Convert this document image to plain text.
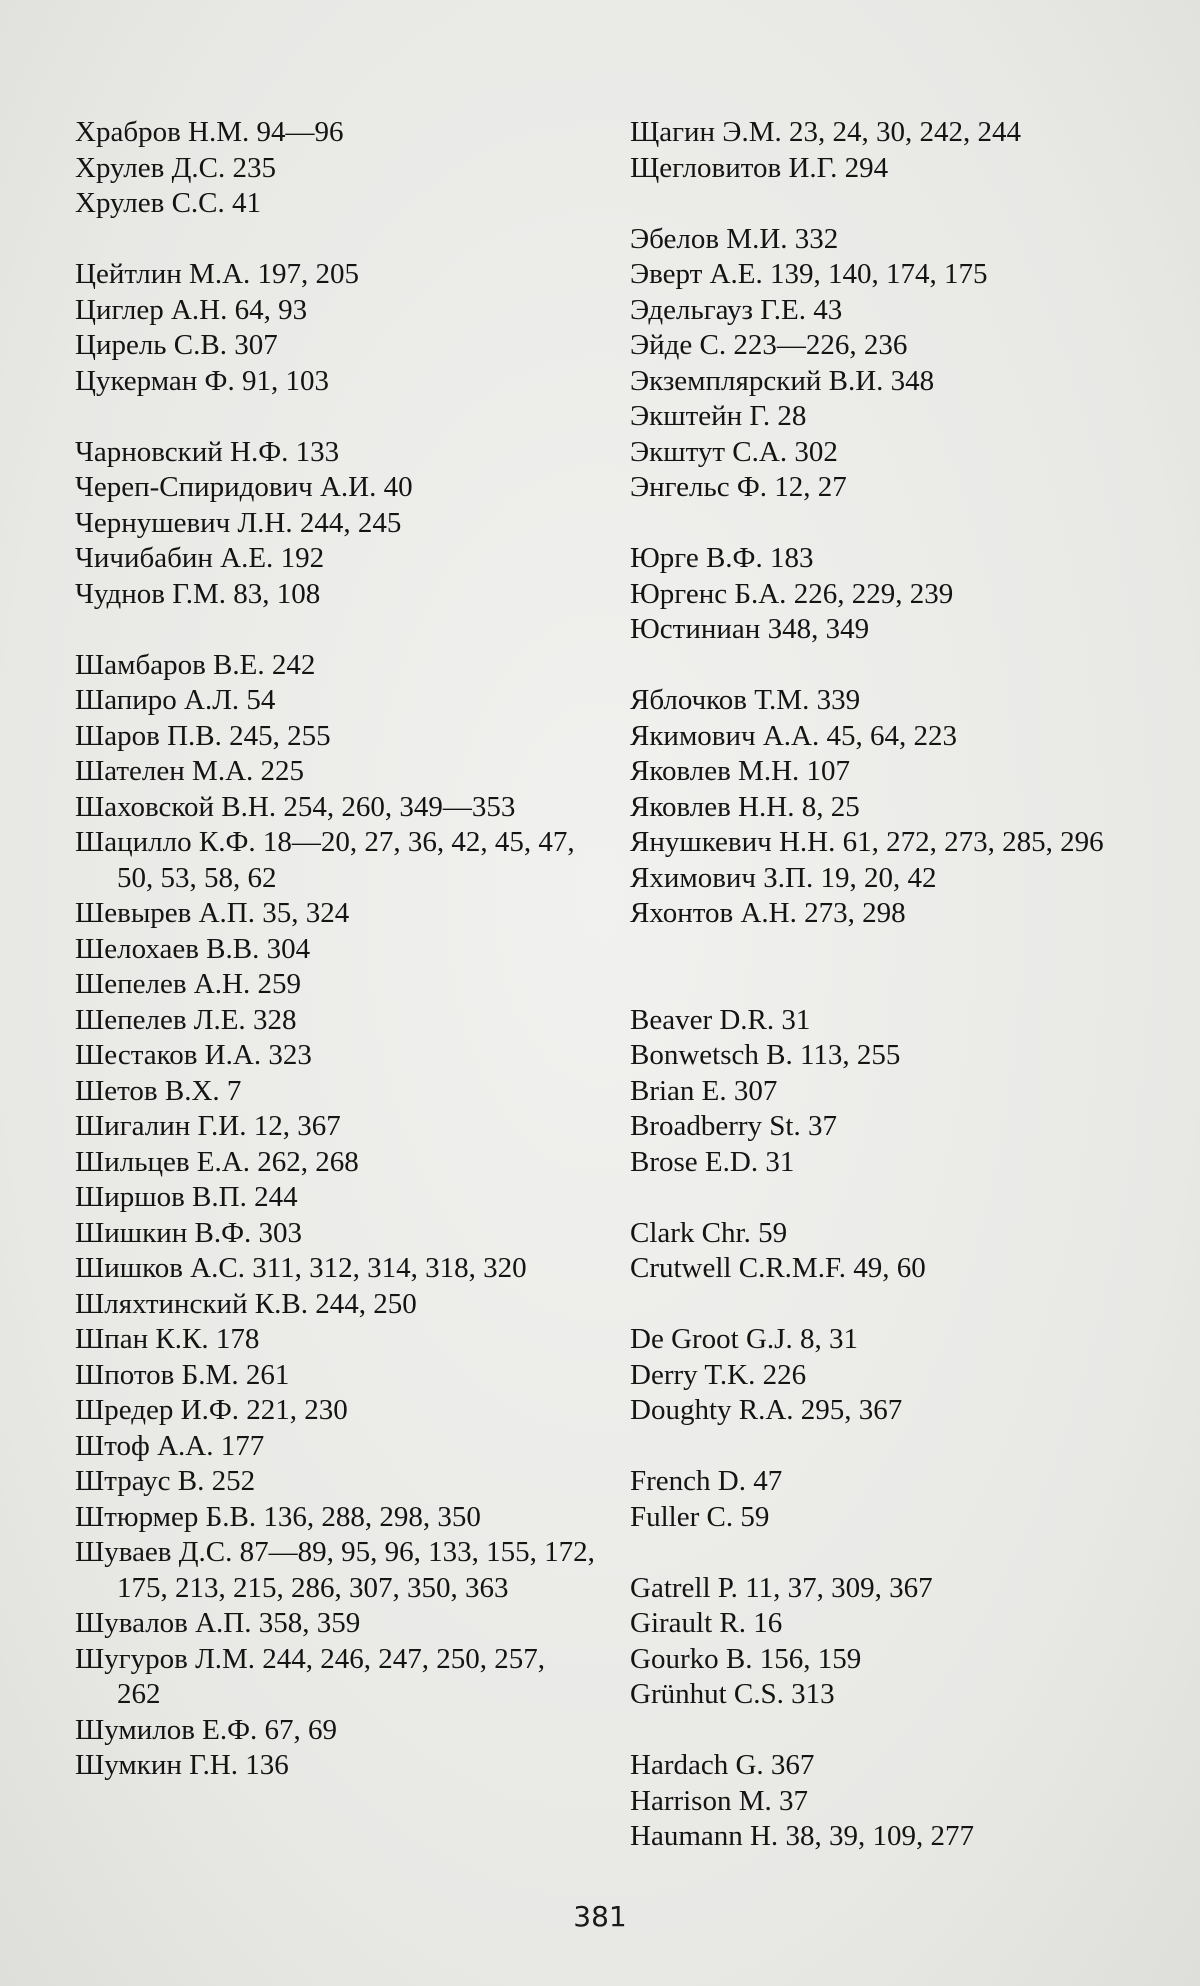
Храбров Н.М. 94—96
Хрулев Д.С. 235
Хрулев С.С. 41
Цейтлин М.А. 197, 205
Циглер А.Н. 64, 93
Цирель С.В. 307
Цукерман Ф. 91, 103
Чарновский Н.Ф. 133
Череп-Спиридович А.И. 40
Чернушевич Л.Н. 244, 245
Чичибабин А.Е. 192
Чуднов Г.М. 83, 108
Шамбаров В.Е. 242
Шапиро А.Л. 54
Шаров П.В. 245, 255
Шателен М.А. 225
Шаховской В.Н. 254, 260, 349—353
Шацилло К.Ф. 18—20, 27, 36, 42, 45, 47, 50, 53, 58, 62
Шевырев А.П. 35, 324
Шелохаев В.В. 304
Шепелев А.Н. 259
Шепелев Л.Е. 328
Шестаков И.А. 323
Шетов В.Х. 7
Шигалин Г.И. 12, 367
Шильцев Е.А. 262, 268
Ширшов В.П. 244
Шишкин В.Ф. 303
Шишков А.С. 311, 312, 314, 318, 320
Шляхтинский К.В. 244, 250
Шпан К.К. 178
Шпотов Б.М. 261
Шредер И.Ф. 221, 230
Штоф А.А. 177
Штраус В. 252
Штюрмер Б.В. 136, 288, 298, 350
Шуваев Д.С. 87—89, 95, 96, 133, 155, 172, 175, 213, 215, 286, 307, 350, 363
Шувалов А.П. 358, 359
Шугуров Л.М. 244, 246, 247, 250, 257, 262
Шумилов Е.Ф. 67, 69
Шумкин Г.Н. 136
Щагин Э.М. 23, 24, 30, 242, 244
Щегловитов И.Г. 294
Эбелов М.И. 332
Эверт А.Е. 139, 140, 174, 175
Эдельгауз Г.Е. 43
Эйде С. 223—226, 236
Экземплярский В.И. 348
Экштейн Г. 28
Экштут С.А. 302
Энгельс Ф. 12, 27
Юрге В.Ф. 183
Юргенс Б.А. 226, 229, 239
Юстиниан 348, 349
Яблочков Т.М. 339
Якимович А.А. 45, 64, 223
Яковлев М.Н. 107
Яковлев Н.Н. 8, 25
Янушкевич Н.Н. 61, 272, 273, 285, 296
Яхимович З.П. 19, 20, 42
Яхонтов А.Н. 273, 298
Beaver D.R. 31
Bonwetsch B. 113, 255
Brian E. 307
Broadberry St. 37
Brose E.D. 31
Clark Chr. 59
Crutwell C.R.M.F. 49, 60
De Groot G.J. 8, 31
Derry T.K. 226
Doughty R.A. 295, 367
French D. 47
Fuller C. 59
Gatrell P. 11, 37, 309, 367
Girault R. 16
Gourko B. 156, 159
Grünhut C.S. 313
Hardach G. 367
Harrison M. 37
Haumann H. 38, 39, 109, 277
381
